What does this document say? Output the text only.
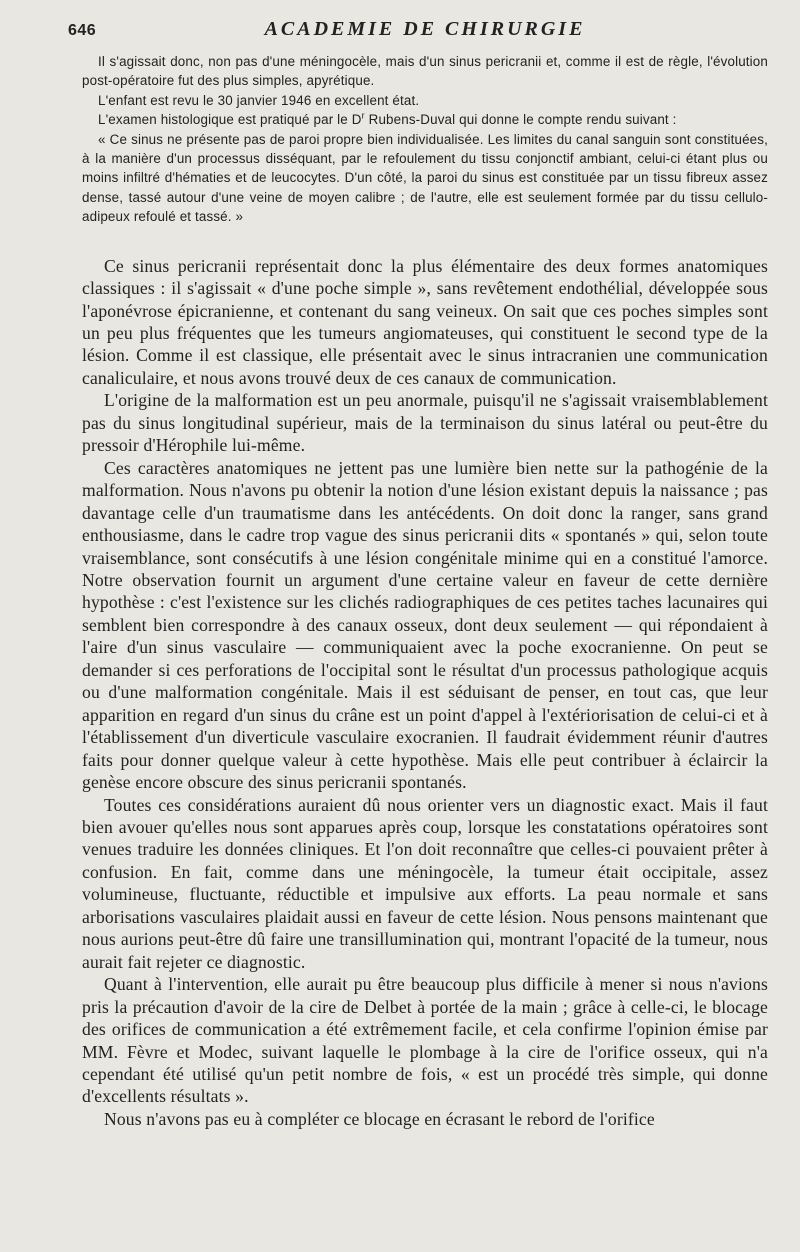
646	ACADEMIE DE CHIRURGIE

Il s'agissait donc, non pas d'une méningocèle, mais d'un sinus pericranii et, comme il est de règle, l'évolution post-opératoire fut des plus simples, apyrétique.

L'enfant est revu le 30 janvier 1946 en excellent état.

L'examen histologique est pratiqué par le $D^r$ Rubens-Duval qui donne le compte rendu suivant :

« Ce sinus ne présente pas de paroi propre bien individualisée. Les limites du canal sanguin sont constituées, à la manière d'un processus disséquant, par le refoulement du tissu conjonctif ambiant, celui-ci étant plus ou moins infiltré d'hématies et de leucocytes. D'un côté, la paroi du sinus est constituée par un tissu fibreux assez dense, tassé autour d'une veine de moyen calibre ; de l'autre, elle est seulement formée par du tissu cellulo-adipeux refoulé et tassé. »

Ce sinus pericranii représentait donc la plus élémentaire des deux formes anatomiques classiques : il s'agissait « d'une poche simple », sans revêtement endothélial, développée sous l'aponévrose épicranienne, et contenant du sang veineux. On sait que ces poches simples sont un peu plus fréquentes que les tumeurs angiomateuses, qui constituent le second type de la lésion. Comme il est classique, elle présentait avec le sinus intracranien une communication canaliculaire, et nous avons trouvé deux de ces canaux de communication.

L'origine de la malformation est un peu anormale, puisqu'il ne s'agissait vraisemblablement pas du sinus longitudinal supérieur, mais de la terminaison du sinus latéral ou peut-être du pressoir d'Hérophile lui-même.

Ces caractères anatomiques ne jettent pas une lumière bien nette sur la pathogénie de la malformation. Nous n'avons pu obtenir la notion d'une lésion existant depuis la naissance ; pas davantage celle d'un traumatisme dans les antécédents. On doit donc la ranger, sans grand enthousiasme, dans le cadre trop vague des sinus pericranii dits « spontanés » qui, selon toute vraisemblance, sont consécutifs à une lésion congénitale minime qui en a constitué l'amorce. Notre observation fournit un argument d'une certaine valeur en faveur de cette dernière hypothèse : c'est l'existence sur les clichés radiographiques de ces petites taches lacunaires qui semblent bien correspondre à des canaux osseux, dont deux seulement — qui répondaient à l'aire d'un sinus vasculaire — communiquaient avec la poche exocranienne. On peut se demander si ces perforations de l'occipital sont le résultat d'un processus pathologique acquis ou d'une malformation congénitale. Mais il est séduisant de penser, en tout cas, que leur apparition en regard d'un sinus du crâne est un point d'appel à l'extériorisation de celui-ci et à l'établissement d'un diverticule vasculaire exocranien. Il faudrait évidemment réunir d'autres faits pour donner quelque valeur à cette hypothèse. Mais elle peut contribuer à éclaircir la genèse encore obscure des sinus pericranii spontanés.

Toutes ces considérations auraient dû nous orienter vers un diagnostic exact. Mais il faut bien avouer qu'elles nous sont apparues après coup, lorsque les constatations opératoires sont venues traduire les données cliniques. Et l'on doit reconnaître que celles-ci pouvaient prêter à confusion. En fait, comme dans une méningocèle, la tumeur était occipitale, assez volumineuse, fluctuante, réductible et impulsive aux efforts. La peau normale et sans arborisations vasculaires plaidait aussi en faveur de cette lésion. Nous pensons maintenant que nous aurions peut-être dû faire une transillumination qui, montrant l'opacité de la tumeur, nous aurait fait rejeter ce diagnostic.

Quant à l'intervention, elle aurait pu être beaucoup plus difficile à mener si nous n'avions pris la précaution d'avoir de la cire de Delbet à portée de la main ; grâce à celle-ci, le blocage des orifices de communication a été extrêmement facile, et cela confirme l'opinion émise par MM. Fèvre et Modec, suivant laquelle le plombage à la cire de l'orifice osseux, qui n'a cependant été utilisé qu'un petit nombre de fois, « est un procédé très simple, qui donne d'excellents résultats ».

Nous n'avons pas eu à compléter ce blocage en écrasant le rebord de l'orifice
